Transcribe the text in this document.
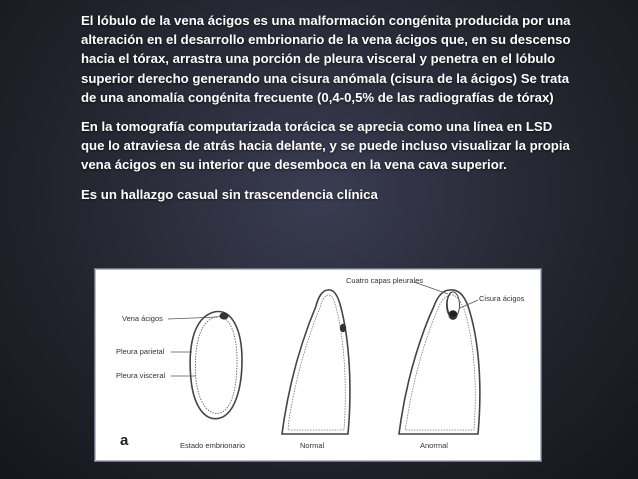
El lóbulo de la vena ácigos es una malformación congénita producida por una alteración en el desarrollo embrionario de la vena ácigos que, en su descenso hacia el tórax, arrastra una porción de pleura visceral y penetra en el lóbulo superior derecho generando una cisura anómala (cisura de la ácigos) Se trata de una anomalía congénita frecuente (0,4-0,5% de las radiografías de tórax)

En la tomografía computarizada torácica se aprecia como una línea en LSD que lo atraviesa de atrás hacia delante, y se puede incluso visualizar la propia vena ácigos en su interior que desemboca en la vena cava superior.

Es un hallazgo casual sin trascendencia clínica

Vena ácigos
Pleura parietal
Pleura visceral
Cuatro capas pleurales
Cisura ácigos
a	Estado embrionario	Normal	Anormal
